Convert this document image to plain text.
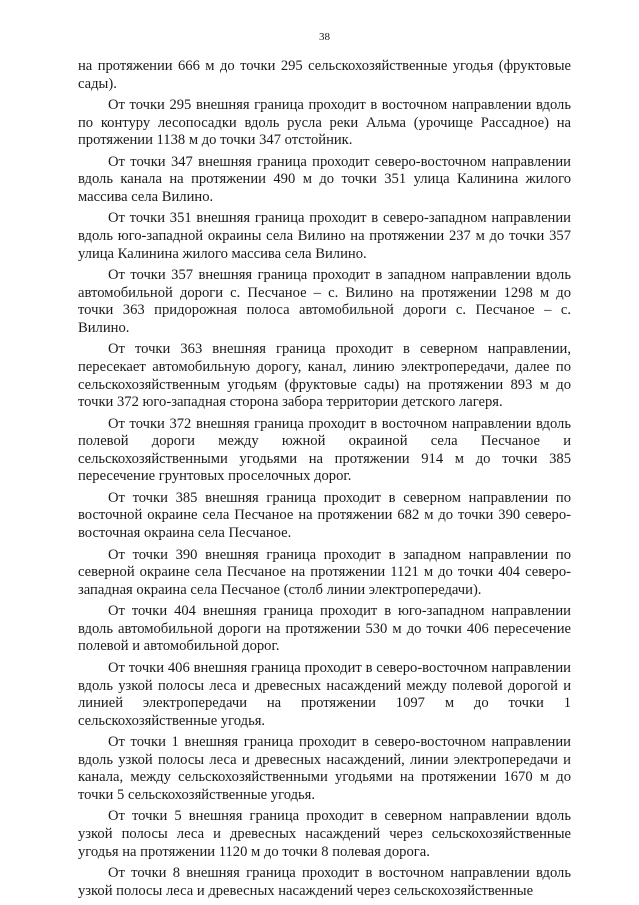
38

на протяжении 666 м до точки 295 сельскохозяйственные угодья (фруктовые сады).

От точки 295 внешняя граница проходит в восточном направлении вдоль по контуру лесопосадки вдоль русла реки Альма (урочище Рассадное) на протяжении 1138 м до точки 347 отстойник.

От точки 347 внешняя граница проходит северо-восточном направлении вдоль канала на протяжении 490 м до точки 351 улица Калинина жилого массива села Вилино.

От точки 351 внешняя граница проходит в северо-западном направлении вдоль юго-западной окраины села Вилино на протяжении 237 м до точки 357 улица Калинина жилого массива села Вилино.

От точки 357 внешняя граница проходит в западном направлении вдоль автомобильной дороги с. Песчаное – с. Вилино на протяжении 1298 м до точки 363 придорожная полоса автомобильной дороги с. Песчаное – с. Вилино.

От точки 363 внешняя граница проходит в северном направлении, пересекает автомобильную дорогу, канал, линию электропередачи, далее по сельскохозяйственным угодьям (фруктовые сады) на протяжении 893 м до точки 372 юго-западная сторона забора территории детского лагеря.

От точки 372 внешняя граница проходит в восточном направлении вдоль полевой дороги между южной окраиной села Песчаное и сельскохозяйственными угодьями на протяжении 914 м до точки 385 пересечение грунтовых проселочных дорог.

От точки 385 внешняя граница проходит в северном направлении по восточной окраине села Песчаное на протяжении 682 м до точки 390 северо-восточная окраина села Песчаное.

От точки 390 внешняя граница проходит в западном направлении по северной окраине села Песчаное на протяжении 1121 м до точки 404 северо-западная окраина села Песчаное (столб линии электропередачи).

От точки 404 внешняя граница проходит в юго-западном направлении вдоль автомобильной дороги на протяжении 530 м до точки 406 пересечение полевой и автомобильной дорог.

От точки 406 внешняя граница проходит в северо-восточном направлении вдоль узкой полосы леса и древесных насаждений между полевой дорогой и линией электропередачи на протяжении 1097 м до точки 1 сельскохозяйственные угодья.

От точки 1 внешняя граница проходит в северо-восточном направлении вдоль узкой полосы леса и древесных насаждений, линии электропередачи и канала, между сельскохозяйственными угодьями на протяжении 1670 м до точки 5 сельскохозяйственные угодья.

От точки 5 внешняя граница проходит в северном направлении вдоль узкой полосы леса и древесных насаждений через сельскохозяйственные угодья на протяжении 1120 м до точки 8 полевая дорога.

От точки 8 внешняя граница проходит в восточном направлении вдоль узкой полосы леса и древесных насаждений через сельскохозяйственные
